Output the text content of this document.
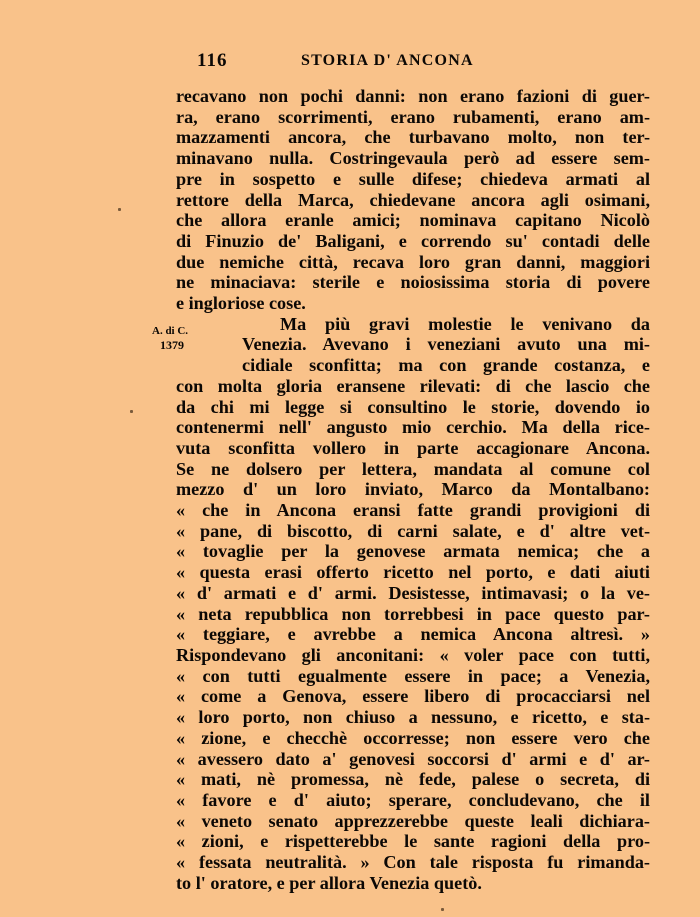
116	STORIA D' ANCONA
A. di C.
1379
recavano non pochi danni: non erano fazioni di guer-
ra, erano scorrimenti, erano rubamenti, erano am-
mazzamenti ancora, che turbavano molto, non ter-
minavano nulla. Costringevaula però ad essere sem-
pre in sospetto e sulle difese; chiedeva armati al
rettore della Marca, chiedevane ancora agli osimani,
che allora eranle amici; nominava capitano Nicolò
di Finuzio de' Baligani, e correndo su' contadi delle
due nemiche città, recava loro gran danni, maggiori
ne minaciava: sterile e noiosissima storia di povere
e ingloriose cose.
Ma più gravi molestie le venivano da
Venezia. Avevano i veneziani avuto una mi-
cidiale sconfitta; ma con grande costanza, e
con molta gloria eransene rilevati: di che lascio che
da chi mi legge si consultino le storie, dovendo io
contenermi nell' angusto mio cerchio. Ma della rice-
vuta sconfitta vollero in parte accagionare Ancona.
Se ne dolsero per lettera, mandata al comune col
mezzo d' un loro inviato, Marco da Montalbano:
« che in Ancona eransi fatte grandi provigioni di
« pane, di biscotto, di carni salate, e d' altre vet-
« tovaglie per la genovese armata nemica; che a
« questa erasi offerto ricetto nel porto, e dati aiuti
« d' armati e d' armi. Desistesse, intimavasi; o la ve-
« neta repubblica non torrebbesi in pace questo par-
« teggiare, e avrebbe a nemica Ancona altresì. »
Rispondevano gli anconitani: « voler pace con tutti,
« con tutti egualmente essere in pace; a Venezia,
« come a Genova, essere libero di procacciarsi nel
« loro porto, non chiuso a nessuno, e ricetto, e sta-
« zione, e checchè occorresse; non essere vero che
« avessero dato a' genovesi soccorsi d' armi e d' ar-
« mati, nè promessa, nè fede, palese o secreta, di
« favore e d' aiuto; sperare, concludevano, che il
« veneto senato apprezzerebbe queste leali dichiara-
« zioni, e rispetterebbe le sante ragioni della pro-
« fessata neutralità. » Con tale risposta fu rimanda-
to l' oratore, e per allora Venezia quetò.
